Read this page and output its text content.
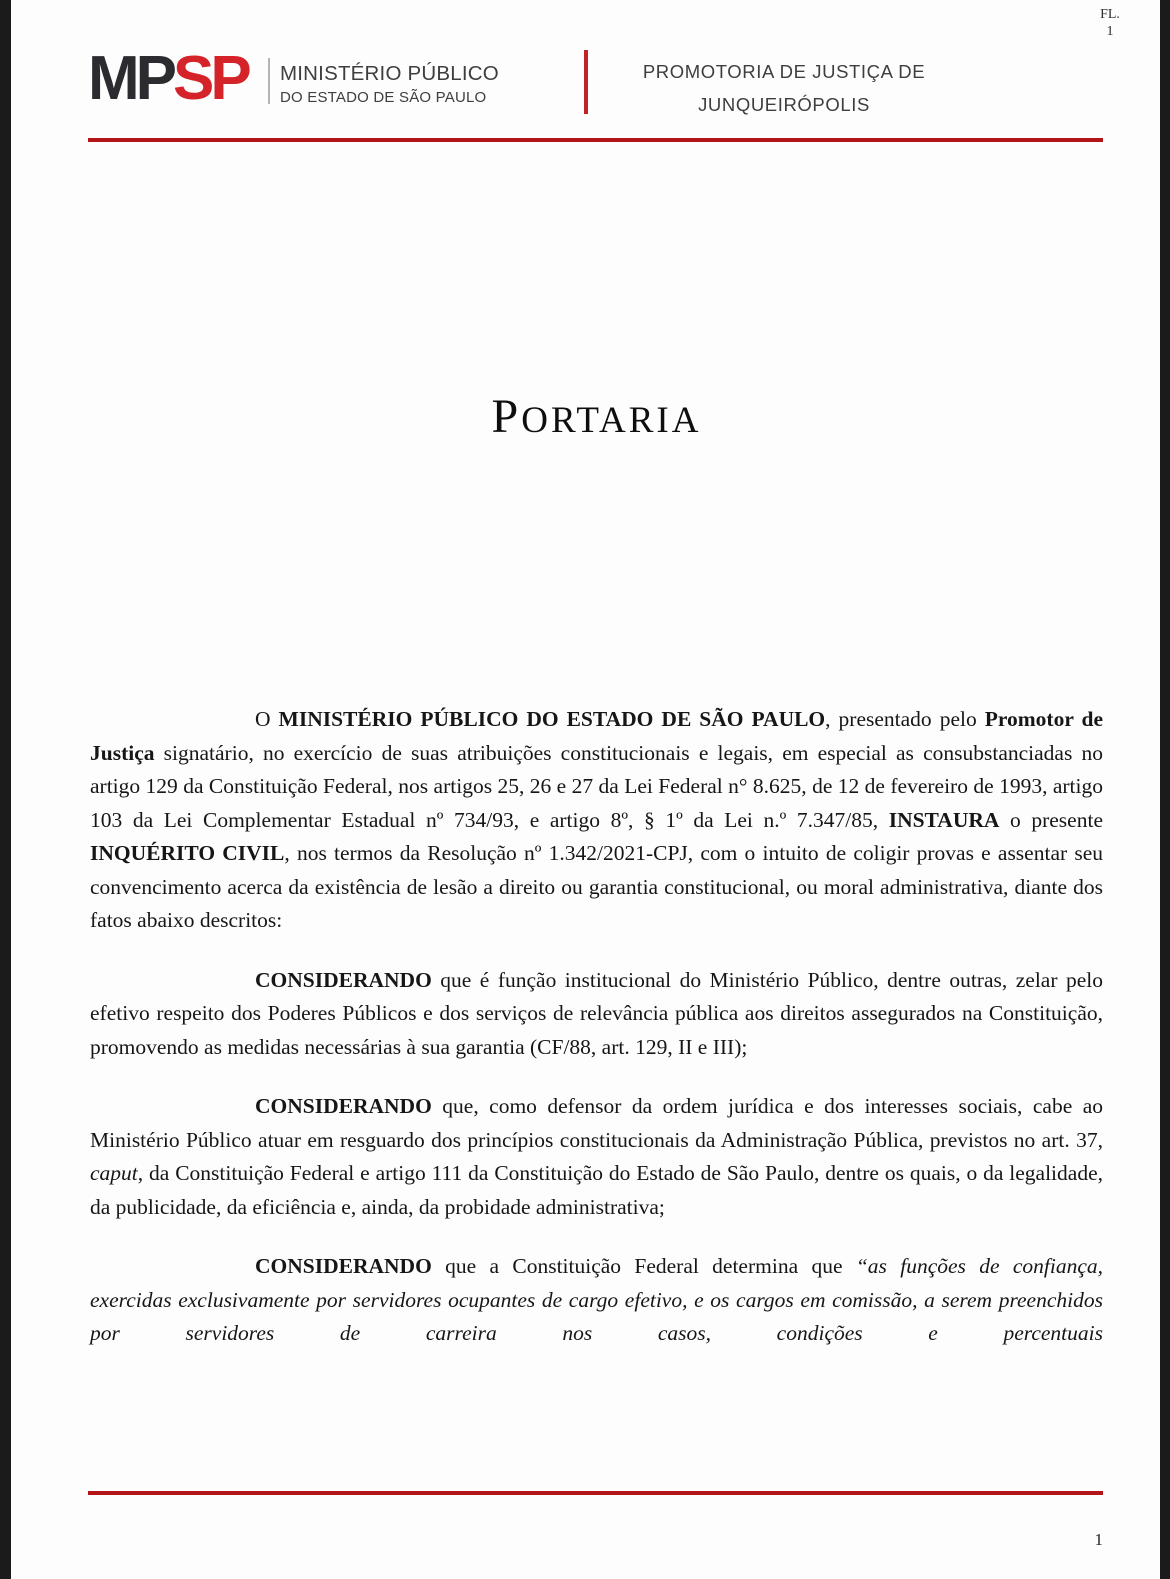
MPSP MINISTÉRIO PÚBLICO
DO ESTADO DE SÃO PAULO
PROMOTORIA DE JUSTIÇA DE
JUNQUEIRÓPOLIS
FL.
1
PORTARIA

O MINISTÉRIO PÚBLICO DO ESTADO DE SÃO PAULO, presentado pelo Promotor de Justiça signatário, no exercício de suas atribuições constitucionais e legais, em especial as consubstanciadas no artigo 129 da Constituição Federal, nos artigos 25, 26 e 27 da Lei Federal n° 8.625, de 12 de fevereiro de 1993, artigo 103 da Lei Complementar Estadual nº 734/93, e artigo 8º, § 1º da Lei n.º 7.347/85, INSTAURA o presente INQUÉRITO CIVIL, nos termos da Resolução nº 1.342/2021-CPJ, com o intuito de coligir provas e assentar seu convencimento acerca da existência de lesão a direito ou garantia constitucional, ou moral administrativa, diante dos fatos abaixo descritos:

CONSIDERANDO que é função institucional do Ministério Público, dentre outras, zelar pelo efetivo respeito dos Poderes Públicos e dos serviços de relevância pública aos direitos assegurados na Constituição, promovendo as medidas necessárias à sua garantia (CF/88, art. 129, II e III);

CONSIDERANDO que, como defensor da ordem jurídica e dos interesses sociais, cabe ao Ministério Público atuar em resguardo dos princípios constitucionais da Administração Pública, previstos no art. 37, caput, da Constituição Federal e artigo 111 da Constituição do Estado de São Paulo, dentre os quais, o da legalidade, da publicidade, da eficiência e, ainda, da probidade administrativa;

CONSIDERANDO que a Constituição Federal determina que “as funções de confiança, exercidas exclusivamente por servidores ocupantes de cargo efetivo, e os cargos em comissão, a serem preenchidos por servidores de carreira nos casos, condições e percentuais

1
